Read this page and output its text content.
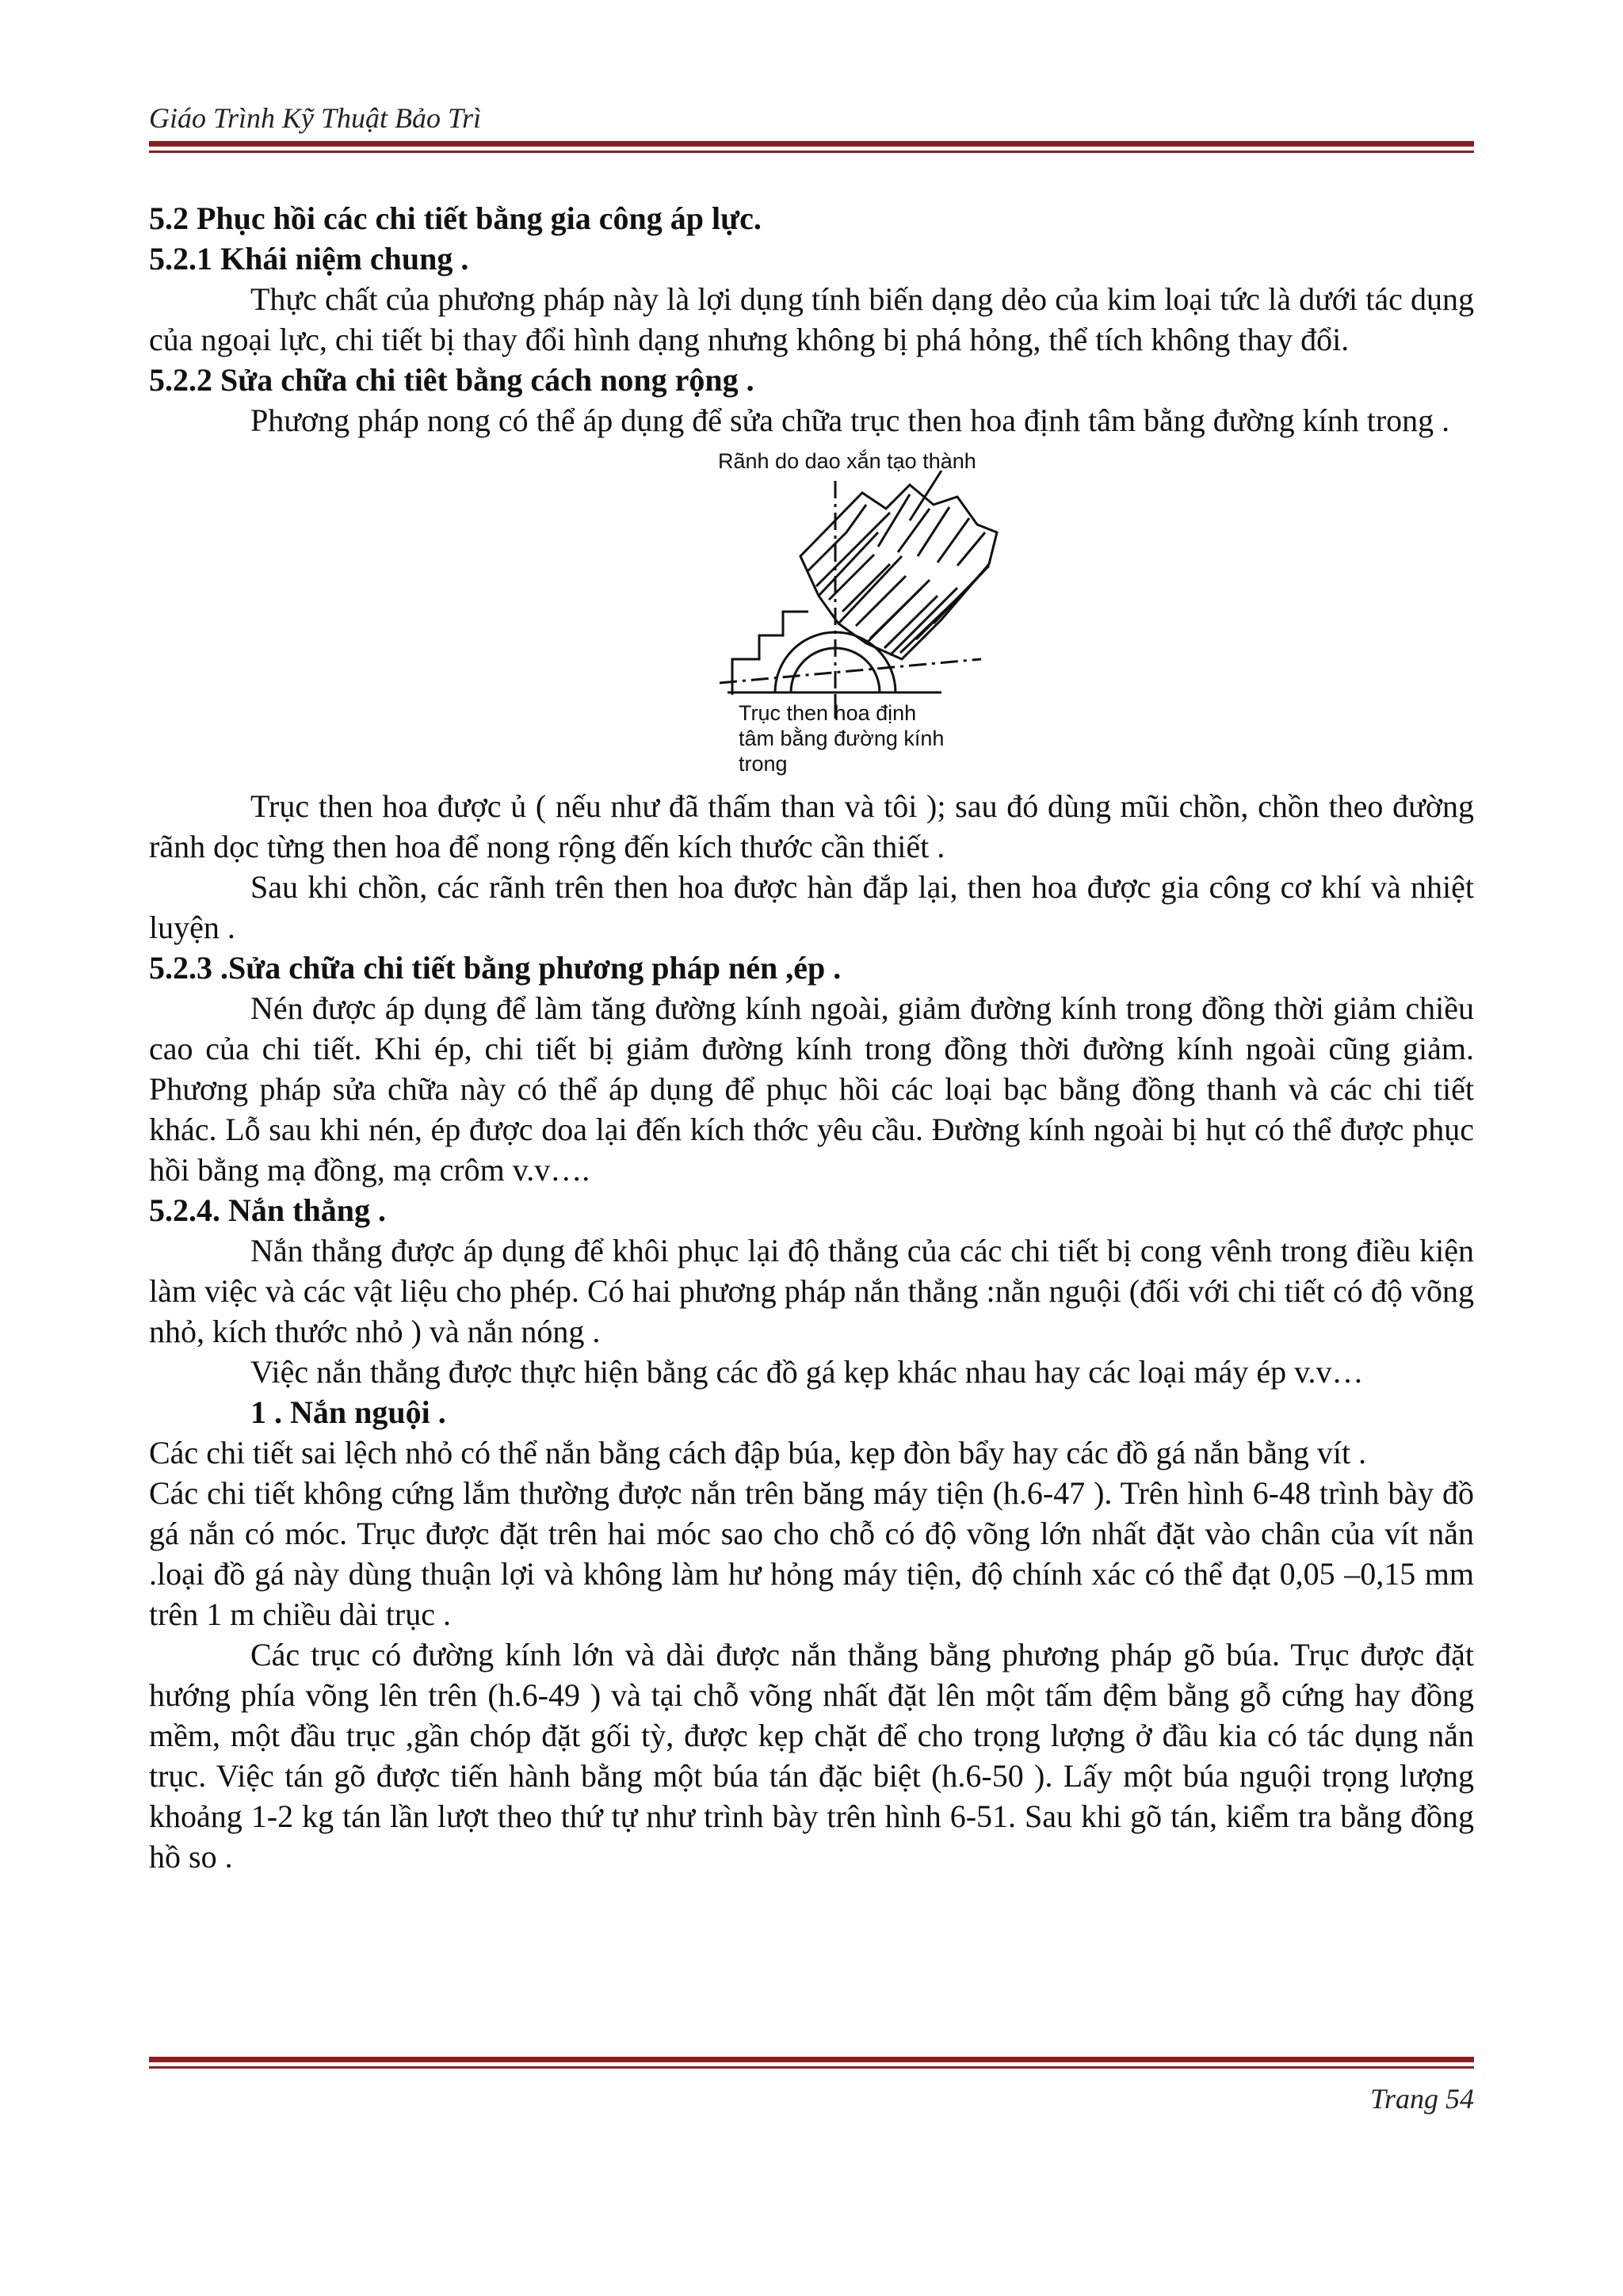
Giáo Trình Kỹ Thuật Bảo Trì
5.2 Phục hồi các chi tiết bằng gia công áp lực.
5.2.1 Khái niệm chung .

Thực chất của phương pháp này là lợi dụng tính biến dạng dẻo của kim loại tức là dưới tác dụng của ngoại lực, chi tiết bị thay đổi hình dạng nhưng không bị phá hỏng, thể tích không thay đổi.

5.2.2 Sửa chữa chi tiêt bằng cách nong rộng .

Phương pháp nong có thể áp dụng để sửa chữa trục then hoa định tâm bằng đường kính trong .

Rãnh do dao xắn tạo thành
Trục then hoa định
tâm bằng đường kính
trong

Trục then hoa được ủ ( nếu như đã thấm than và tôi ); sau đó dùng mũi chồn, chồn theo đường rãnh dọc từng then hoa để nong rộng đến kích thước cần thiết .

Sau khi chồn, các rãnh trên then hoa được hàn đắp lại, then hoa được gia công cơ khí và nhiệt luyện .

5.2.3 .Sửa chữa chi tiết bằng phương pháp nén ,ép .

Nén được áp dụng để làm tăng đường kính ngoài, giảm đường kính trong đồng thời giảm chiều cao của chi tiết. Khi ép, chi tiết bị giảm đường kính trong đồng thời đường kính ngoài cũng giảm. Phương pháp sửa chữa này có thể áp dụng để phục hồi các loại bạc bằng đồng thanh và các chi tiết khác. Lỗ sau khi nén, ép được doa lại đến kích thớc yêu cầu. Đường kính ngoài bị hụt có thể được phục hồi bằng mạ đồng, mạ crôm v.v….

5.2.4. Nắn thẳng .

Nắn thẳng được áp dụng để khôi phục lại độ thẳng của các chi tiết bị cong vênh trong điều kiện làm việc và các vật liệu cho phép. Có hai phương pháp nắn thẳng :nằn nguội (đối với chi tiết có độ võng nhỏ, kích thước nhỏ ) và nắn nóng .

Việc nắn thẳng được thực hiện bằng các đồ gá kẹp khác nhau hay các loại máy ép v.v…

1 . Nắn nguội .

Các chi tiết sai lệch nhỏ có thể nắn bằng cách đập búa, kẹp đòn bẩy hay các đồ gá nắn bằng vít .

Các chi tiết không cứng lắm thường được nắn trên băng máy tiện (h.6-47 ). Trên hình 6-48 trình bày đồ gá nắn có móc. Trục được đặt trên hai móc sao cho chỗ có độ võng lớn nhất đặt vào chân của vít nắn .loại đồ gá này dùng thuận lợi và không làm hư hỏng máy tiện, độ chính xác có thể đạt 0,05 –0,15 mm trên 1 m chiều dài trục .

Các trục có đường kính lớn và dài được nắn thẳng bằng phương pháp gõ búa. Trục được đặt hướng phía võng lên trên (h.6-49 ) và tại chỗ võng nhất đặt lên một tấm đệm bằng gỗ cứng hay đồng mềm, một đầu trục ,gần chóp đặt gối tỳ, được kẹp chặt để cho trọng lượng ở đầu kia có tác dụng nắn trục. Việc tán gõ được tiến hành bằng một búa tán đặc biệt (h.6-50 ). Lấy một búa nguội trọng lượng khoảng 1-2 kg tán lần lượt theo thứ tự như trình bày trên hình 6-51. Sau khi gõ tán, kiểm tra bằng đồng hồ so .

Trang 54
